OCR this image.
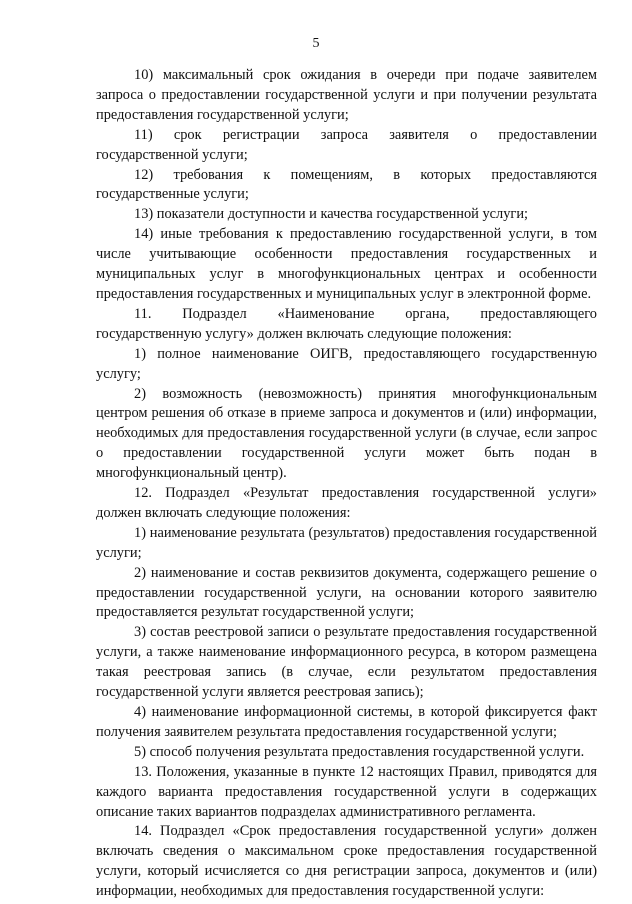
5
10) максимальный срок ожидания в очереди при подаче заявителем запроса о предоставлении государственной услуги и при получении результата предоставления государственной услуги;
11) срок регистрации запроса заявителя о предоставлении государственной услуги;
12) требования к помещениям, в которых предоставляются государственные услуги;
13) показатели доступности и качества государственной услуги;
14) иные требования к предоставлению государственной услуги, в том числе учитывающие особенности предоставления государственных и муниципальных услуг в многофункциональных центрах и особенности предоставления государственных и муниципальных услуг в электронной форме.
11. Подраздел «Наименование органа, предоставляющего государственную услугу» должен включать следующие положения:
1) полное наименование ОИГВ, предоставляющего государственную услугу;
2) возможность (невозможность) принятия многофункциональным центром решения об отказе в приеме запроса и документов и (или) информации, необходимых для предоставления государственной услуги (в случае, если запрос о предоставлении государственной услуги может быть подан в многофункциональный центр).
12. Подраздел «Результат предоставления государственной услуги» должен включать следующие положения:
1) наименование результата (результатов) предоставления государственной услуги;
2) наименование и состав реквизитов документа, содержащего решение о предоставлении государственной услуги, на основании которого заявителю предоставляется результат государственной услуги;
3) состав реестровой записи о результате предоставления государственной услуги, а также наименование информационного ресурса, в котором размещена такая реестровая запись (в случае, если результатом предоставления государственной услуги является реестровая запись);
4) наименование информационной системы, в которой фиксируется факт получения заявителем результата предоставления государственной услуги;
5) способ получения результата предоставления государственной услуги.
13. Положения, указанные в пункте 12 настоящих Правил, приводятся для каждого варианта предоставления государственной услуги в содержащих описание таких вариантов подразделах административного регламента.
14. Подраздел «Срок предоставления государственной услуги» должен включать сведения о максимальном сроке предоставления государственной услуги, который исчисляется со дня регистрации запроса, документов и (или) информации, необходимых для предоставления государственной услуги:
